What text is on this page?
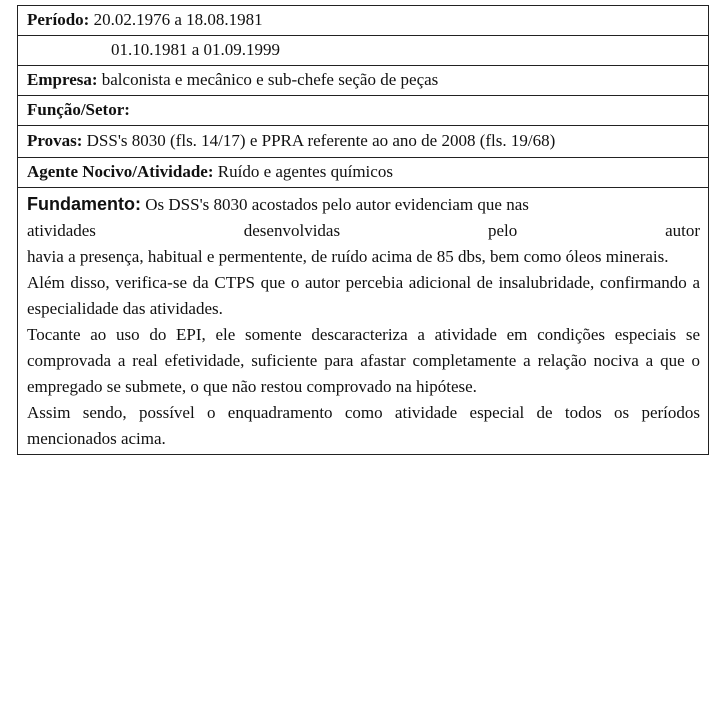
Período: 20.02.1976 a 18.08.1981
01.10.1981 a 01.09.1999
Empresa: balconista e mecânico e sub-chefe seção de peças
Função/Setor:
Provas: DSS's 8030 (fls. 14/17) e PPRA referente ao ano de 2008 (fls. 19/68)
Agente Nocivo/Atividade: Ruído e agentes químicos
Fundamento: Os DSS's 8030 acostados pelo autor evidenciam que nas
atividades	desenvolvidas	pelo	autor
havia a presença, habitual e permentente, de ruído acima de 85 dbs, bem como óleos minerais.
Além disso, verifica-se da CTPS que o autor percebia adicional de insalubridade, confirmando a especialidade das atividades.
Tocante ao uso do EPI, ele somente descaracteriza a atividade em condições especiais se comprovada a real efetividade, suficiente para afastar completamente a relação nociva a que o empregado se submete, o que não restou comprovado na hipótese.
Assim sendo, possível o enquadramento como atividade especial de todos os períodos mencionados acima.
